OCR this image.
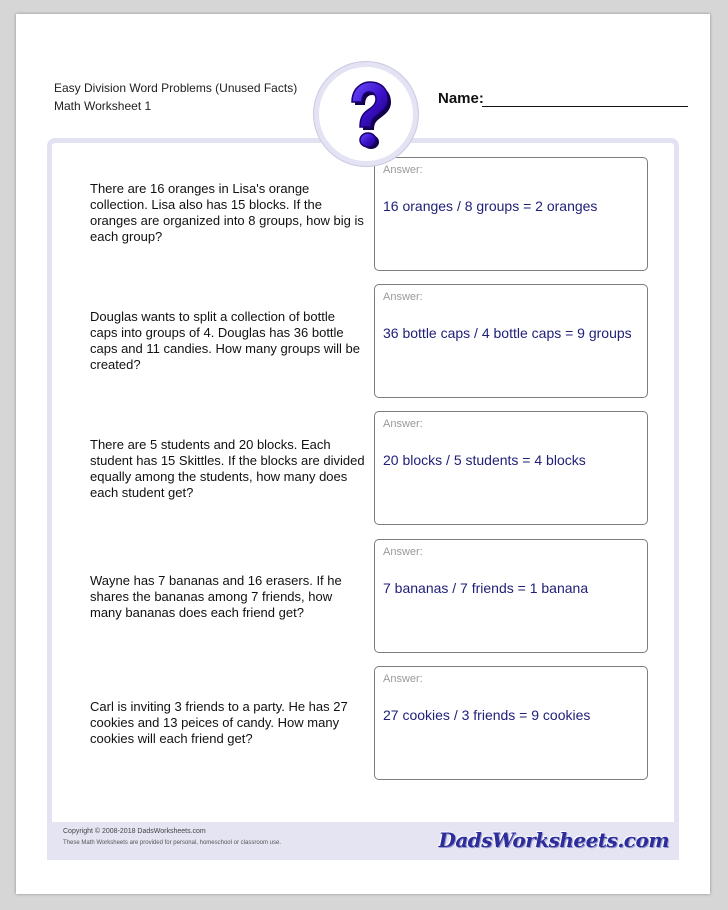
Easy Division Word Problems (Unused Facts)
Math Worksheet 1	Name:
There are 16 oranges in Lisa's orange collection. Lisa also has 15 blocks. If the oranges are organized into 8 groups, how big is each group?
Answer:
16 oranges / 8 groups = 2 oranges
Douglas wants to split a collection of bottle caps into groups of 4. Douglas has 36 bottle caps and 11 candies. How many groups will be created?
Answer:
36 bottle caps / 4 bottle caps = 9 groups
There are 5 students and 20 blocks. Each student has 15 Skittles. If the blocks are divided equally among the students, how many does each student get?
Answer:
20 blocks / 5 students = 4 blocks
Wayne has 7 bananas and 16 erasers. If he shares the bananas among 7 friends, how many bananas does each friend get?
Answer:
7 bananas / 7 friends = 1 banana
Carl is inviting 3 friends to a party. He has 27 cookies and 13 peices of candy. How many cookies will each friend get?
Answer:
27 cookies / 3 friends = 9 cookies
Copyright © 2008-2018 DadsWorksheets.com
These Math Worksheets are provided for personal, homeschool or classroom use.	DadsWorksheets.com
